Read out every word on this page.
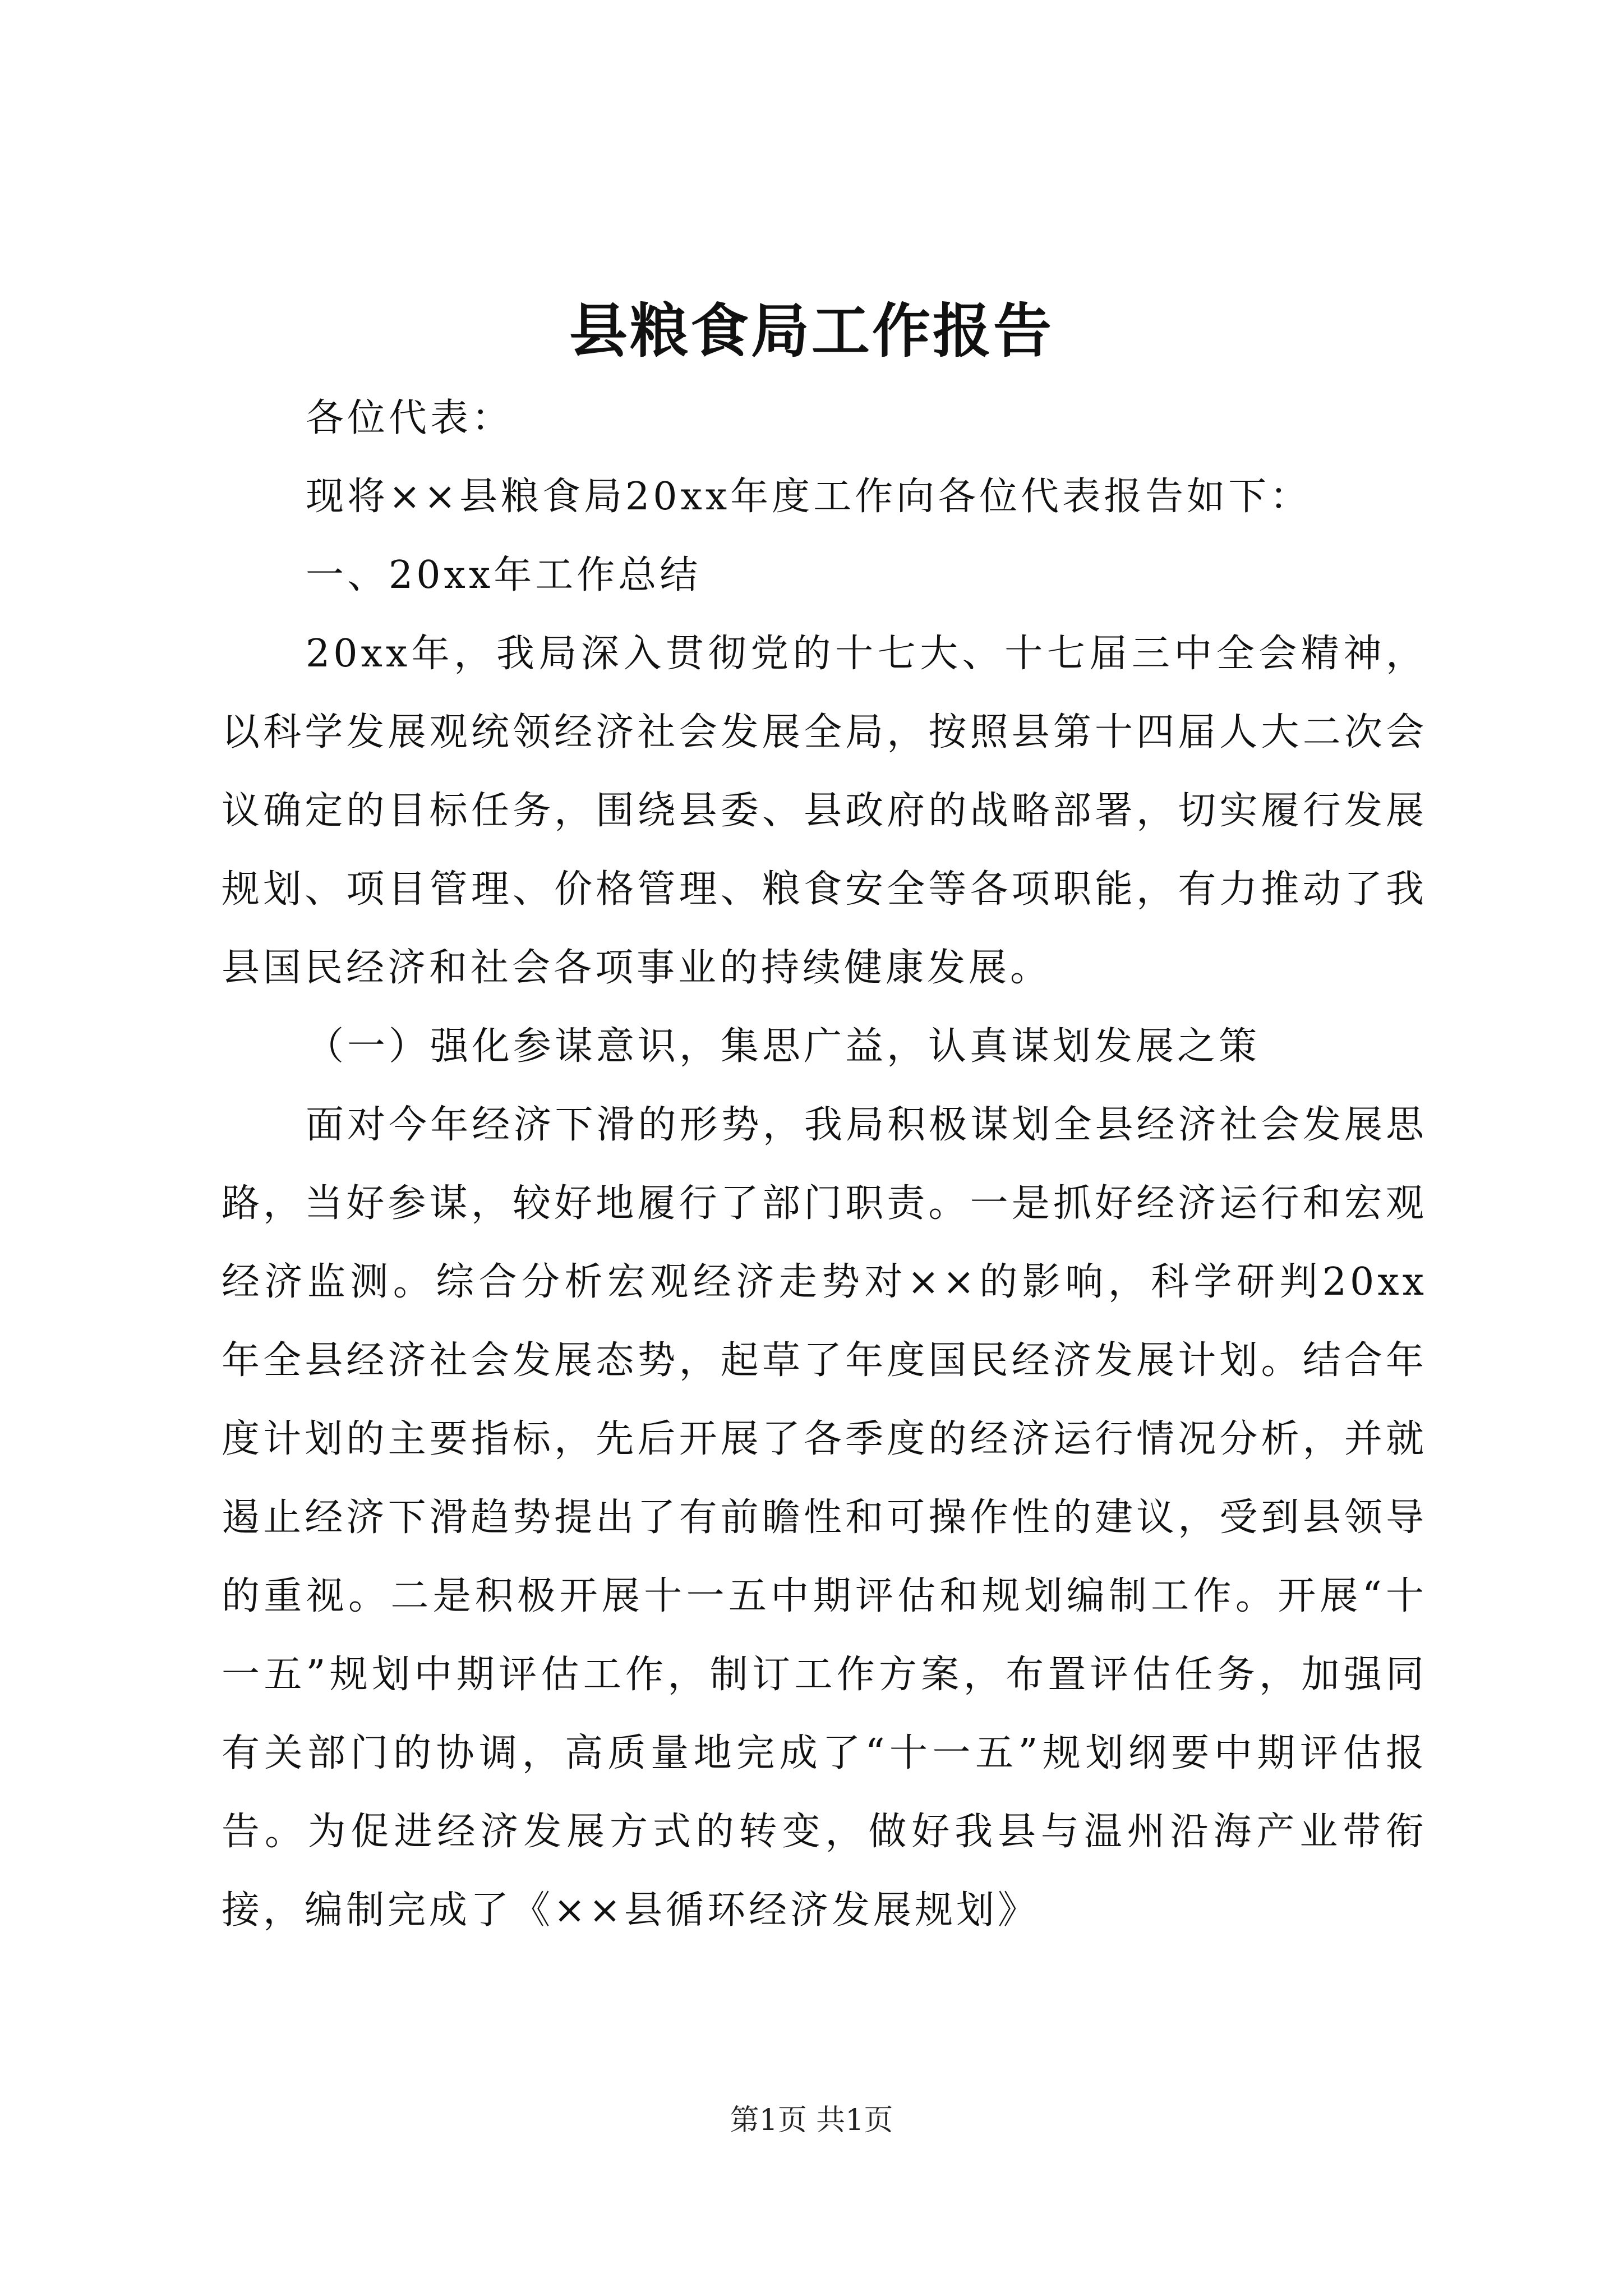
县粮食局工作报告

各位代表：

现将××县粮食局20xx年度工作向各位代表报告如下：

一、20xx年工作总结

20xx年，我局深入贯彻党的十七大、十七届三中全会精神，以科学发展观统领经济社会发展全局，按照县第十四届人大二次会议确定的目标任务，围绕县委、县政府的战略部署，切实履行发展规划、项目管理、价格管理、粮食安全等各项职能，有力推动了我县国民经济和社会各项事业的持续健康发展。

（一）强化参谋意识，集思广益，认真谋划发展之策

面对今年经济下滑的形势，我局积极谋划全县经济社会发展思路，当好参谋，较好地履行了部门职责。一是抓好经济运行和宏观经济监测。综合分析宏观经济走势对××的影响，科学研判20xx年全县经济社会发展态势，起草了年度国民经济发展计划。结合年度计划的主要指标，先后开展了各季度的经济运行情况分析，并就遏止经济下滑趋势提出了有前瞻性和可操作性的建议，受到县领导的重视。二是积极开展十一五中期评估和规划编制工作。开展“十一五”规划中期评估工作，制订工作方案，布置评估任务，加强同有关部门的协调，高质量地完成了“十一五”规划纲要中期评估报告。为促进经济发展方式的转变，做好我县与温州沿海产业带衔接，编制完成了《××县循环经济发展规划》

第1页 共1页
